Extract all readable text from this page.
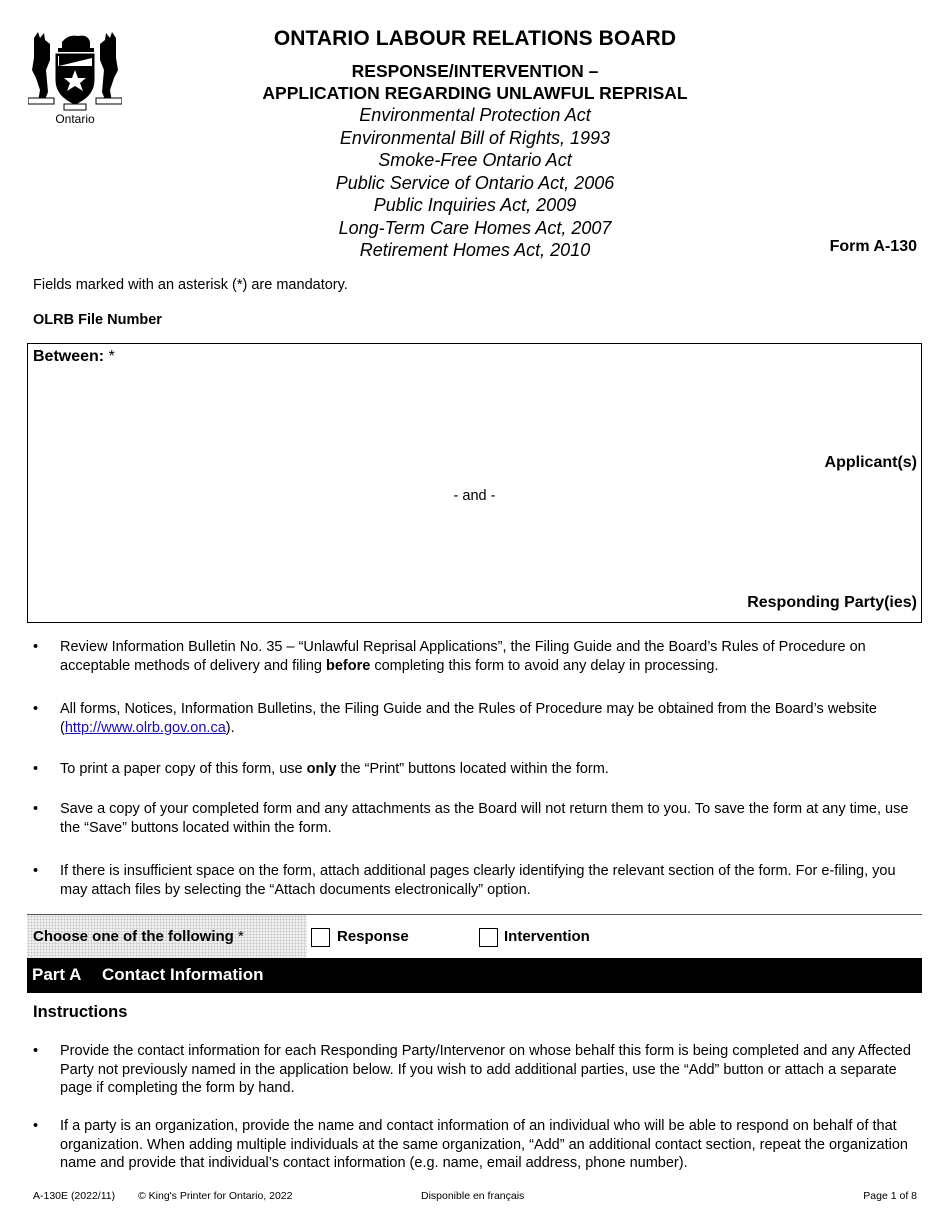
Ontario
ONTARIO LABOUR RELATIONS BOARD
RESPONSE/INTERVENTION –
APPLICATION REGARDING UNLAWFUL REPRISAL
Environmental Protection Act
Environmental Bill of Rights, 1993
Smoke-Free Ontario Act
Public Service of Ontario Act, 2006
Public Inquiries Act, 2009
Long-Term Care Homes Act, 2007
Retirement Homes Act, 2010	Form A-130
Fields marked with an asterisk (*) are mandatory.
OLRB File Number
Between: *
Applicant(s)
- and -
Responding Party(ies)
• Review Information Bulletin No. 35 – “Unlawful Reprisal Applications”, the Filing Guide and the Board’s Rules of Procedure on acceptable methods of delivery and filing before completing this form to avoid any delay in processing.
• All forms, Notices, Information Bulletins, the Filing Guide and the Rules of Procedure may be obtained from the Board’s website (http://www.olrb.gov.on.ca).
• To print a paper copy of this form, use only the “Print” buttons located within the form.
• Save a copy of your completed form and any attachments as the Board will not return them to you. To save the form at any time, use the “Save” buttons located within the form.
• If there is insufficient space on the form, attach additional pages clearly identifying the relevant section of the form. For e-filing, you may attach files by selecting the “Attach documents electronically” option.
Choose one of the following *	Response	Intervention
Part A Contact Information
Instructions
• Provide the contact information for each Responding Party/Intervenor on whose behalf this form is being completed and any Affected Party not previously named in the application below. If you wish to add additional parties, use the “Add” button or attach a separate page if completing the form by hand.
• If a party is an organization, provide the name and contact information of an individual who will be able to respond on behalf of that organization. When adding multiple individuals at the same organization, “Add” an additional contact section, repeat the organization name and provide that individual’s contact information (e.g. name, email address, phone number).
A-130E (2022/11) © King's Printer for Ontario, 2022	Disponible en français	Page 1 of 8
